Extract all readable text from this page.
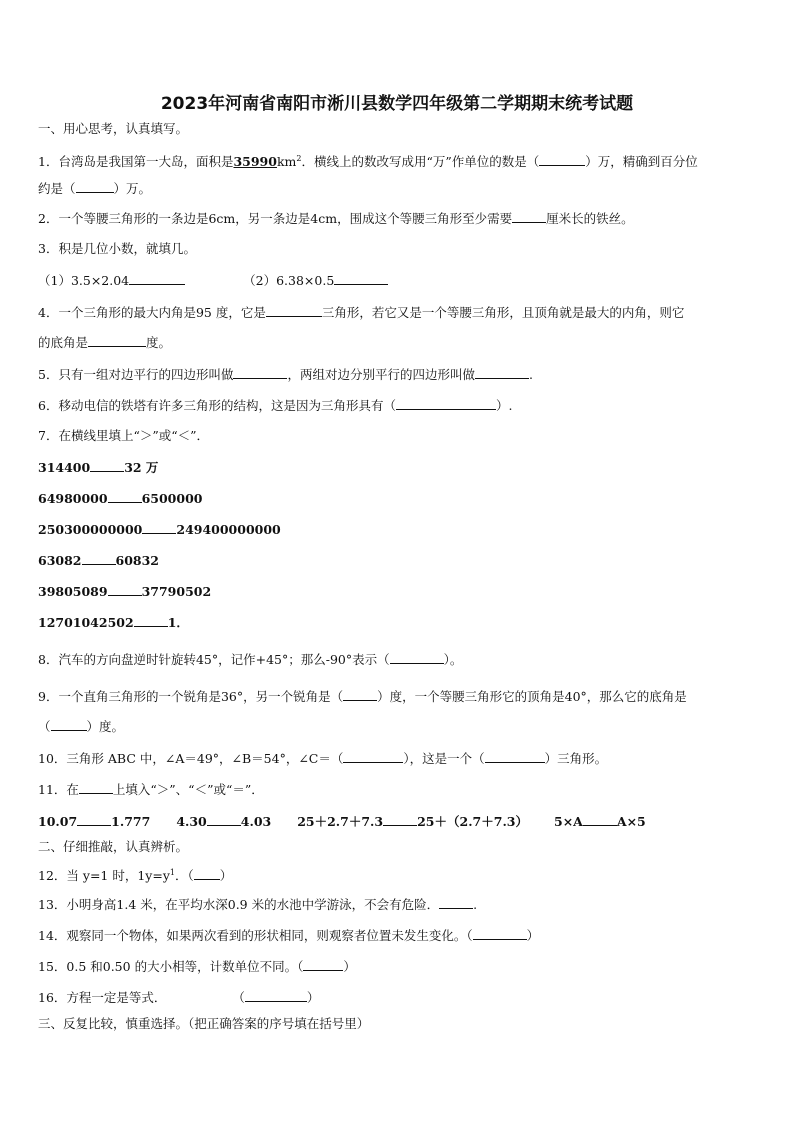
2023年河南省南阳市淅川县数学四年级第二学期期末统考试题
一、用心思考，认真填写。
1．台湾岛是我国第一大岛，面积是$35990km^2$．横线上的数改写成用“万”作单位的数是（	）万，精确到百分位
约是（	）万。
2．一个等腰三角形的一条边是6cm，另一条边是4cm，围成这个等腰三角形至少需要	厘米长的铁丝。
3．积是几位小数，就填几。
（1）3.5×2.04	（2）6.38×0.5
4．一个三角形的最大内角是95 度，它是	三角形，若它又是一个等腰三角形，且顶角就是最大的内角，则它
的底角是	度。
5．只有一组对边平行的四边形叫做	，两组对边分别平行的四边形叫做	.
6．移动电信的铁塔有许多三角形的结构，这是因为三角形具有（	）.
7．在横线里填上“＞”或“＜”．
314400	32 万
64980000	6500000
250300000000	249400000000
63082	60832
39805089	37790502
12701042502	1．
8．汽车的方向盘逆时针旋转45°，记作+45°；那么-90°表示（	）。
9．一个直角三角形的一个锐角是36°，另一个锐角是（	）度，一个等腰三角形它的顶角是40°，那么它的底角是
（	）度。
10．三角形 ABC 中，∠A＝49°，∠B＝54°，∠C＝（	），这是一个（	）三角形。
11．在	上填入“＞”、“＜”或“＝”．
10.07	1.777 4.30	4.03 25＋2.7＋7.3	25＋（2.7＋7.3） 5×A	A×5
二、仔细推敲，认真辨析。
12．当 y=1 时，$1y=y^1$．（ ）
13．小明身高1.4 米，在平均水深0.9 米的水池中学游泳，不会有危险．	.
14．观察同一个物体，如果两次看到的形状相同，则观察者位置未发生变化。（	）
15．0.5 和0.50 的大小相等，计数单位不同。（	）
16．方程一定是等式．	（	）
三、反复比较，慎重选择。（把正确答案的序号填在括号里）
